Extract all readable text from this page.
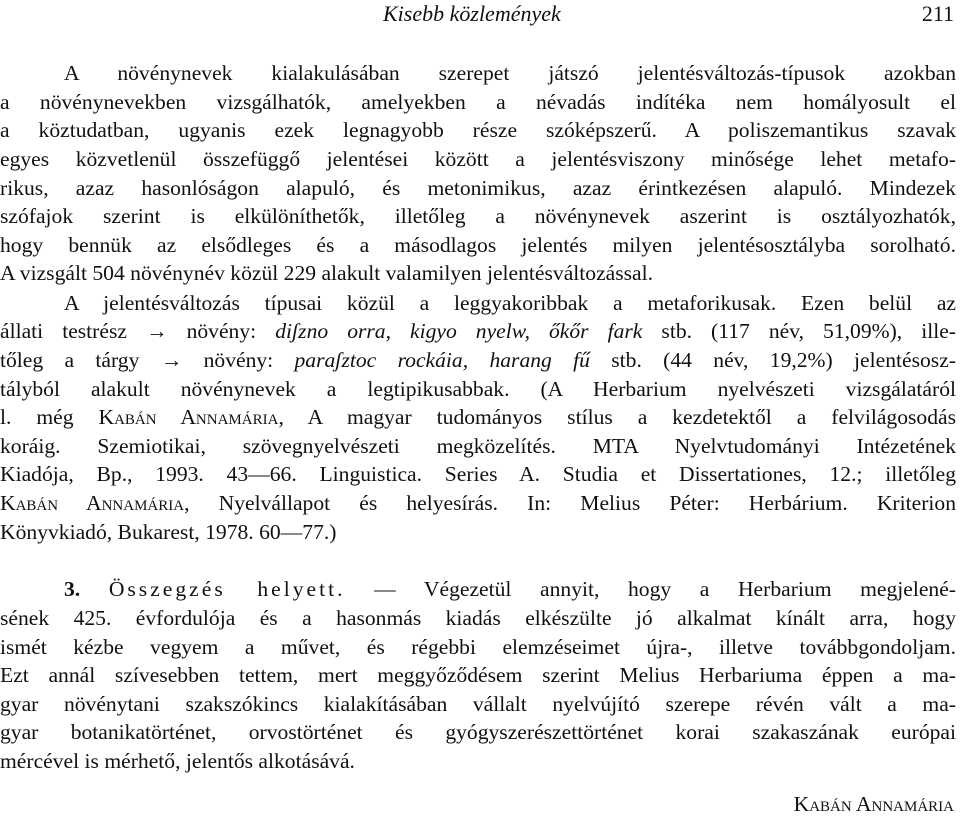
Kisebb közlemények	211
A növénynevek kialakulásában szerepet játszó jelentésváltozás-típusok azokban
a növénynevekben vizsgálhatók, amelyekben a névadás indítéka nem homályosult el
a köztudatban, ugyanis ezek legnagyobb része szóképszerű. A poliszemantikus szavak
egyes közvetlenül összefüggő jelentései között a jelentésviszony minősége lehet metafo-
rikus, azaz hasonlóságon alapuló, és metonimikus, azaz érintkezésen alapuló. Mindezek
szófajok szerint is elkülöníthetők, illetőleg a növénynevek aszerint is osztályozhatók,
hogy bennük az elsődleges és a másodlagos jelentés milyen jelentésosztályba sorolható.
A vizsgált 504 növénynév közül 229 alakult valamilyen jelentésváltozással.
A jelentésváltozás típusai közül a leggyakoribbak a metaforikusak. Ezen belül az
állati testrész → növény: diʃzno orra, kigyo nyelw, őkőr fark stb. (117 név, 51,09%), ille-
tőleg a tárgy → növény: paraʃztoc rockáia, harang fű stb. (44 név, 19,2%) jelentésosz-
tályból alakult növénynevek a legtipikusabbak. (A Herbarium nyelvészeti vizsgálatáról
l. még Kabán Annamária, A magyar tudományos stílus a kezdetektől a felvilágosodás
koráig. Szemiotikai, szövegnyelvészeti megközelítés. MTA Nyelvtudományi Intézetének
Kiadója, Bp., 1993. 43—66. Linguistica. Series A. Studia et Dissertationes, 12.; illetőleg
Kabán Annamária, Nyelvállapot és helyesírás. In: Melius Péter: Herbárium. Kriterion
Könyvkiadó, Bukarest, 1978. 60—77.)
3. Összegzés helyett. — Végezetül annyit, hogy a Herbarium megjelené-
sének 425. évfordulója és a hasonmás kiadás elkészülte jó alkalmat kínált arra, hogy
ismét kézbe vegyem a művet, és régebbi elemzéseimet újra-, illetve továbbgondoljam.
Ezt annál szívesebben tettem, mert meggyőződésem szerint Melius Herbariuma éppen a ma-
gyar növénytani szakszókincs kialakításában vállalt nyelvújító szerepe révén vált a ma-
gyar botanikatörténet, orvostörténet és gyógyszerészettörténet korai szakaszának európai
mércével is mérhető, jelentős alkotásává.
Kabán Annamária
